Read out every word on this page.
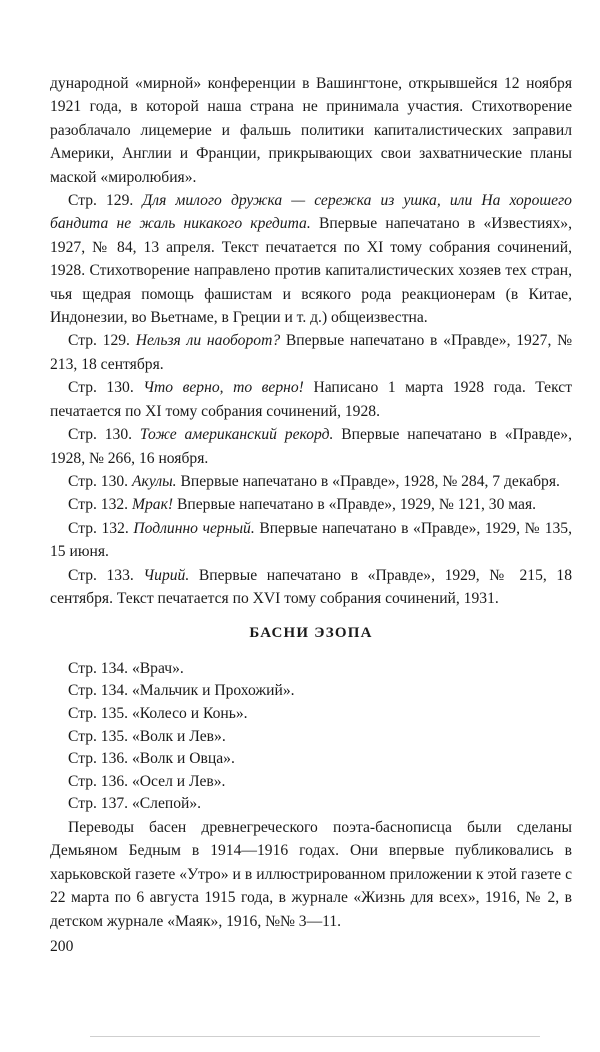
дународной «мирной» конференции в Вашингтоне, открывшейся 12 ноября 1921 года, в которой наша страна не принимала участия. Стихотворение разоблачало лицемерие и фальшь политики капиталистических заправил Америки, Англии и Франции, прикрывающих свои захватнические планы маской «миролюбия».

Стр. 129. Для милого дружка — сережка из ушка, или На хорошего бандита не жаль никакого кредита. Впервые напечатано в «Известиях», 1927, № 84, 13 апреля. Текст печатается по XI тому собрания сочинений, 1928. Стихотворение направлено против капиталистических хозяев тех стран, чья щедрая помощь фашистам и всякого рода реакционерам (в Китае, Индонезии, во Вьетнаме, в Греции и т. д.) общеизвестна.

Стр. 129. Нельзя ли наоборот? Впервые напечатано в «Правде», 1927, № 213, 18 сентября.

Стр. 130. Что верно, то верно! Написано 1 марта 1928 года. Текст печатается по XI тому собрания сочинений, 1928.

Стр. 130. Тоже американский рекорд. Впервые напечатано в «Правде», 1928, № 266, 16 ноября.

Стр. 130. Акулы. Впервые напечатано в «Правде», 1928, № 284, 7 декабря.

Стр. 132. Мрак! Впервые напечатано в «Правде», 1929, № 121, 30 мая.

Стр. 132. Подлинно черный. Впервые напечатано в «Правде», 1929, № 135, 15 июня.

Стр. 133. Чирий. Впервые напечатано в «Правде», 1929, № 215, 18 сентября. Текст печатается по XVI тому собрания сочинений, 1931.

БАСНИ ЭЗОПА

Стр. 134. «Врач».

Стр. 134. «Мальчик и Прохожий».

Стр. 135. «Колесо и Конь».

Стр. 135. «Волк и Лев».

Стр. 136. «Волк и Овца».

Стр. 136. «Осел и Лев».

Стр. 137. «Слепой».

Переводы басен древнегреческого поэта-баснописца были сделаны Демьяном Бедным в 1914—1916 годах. Они впервые публиковались в харьковской газете «Утро» и в иллюстрированном приложении к этой газете с 22 марта по 6 августа 1915 года, в журнале «Жизнь для всех», 1916, № 2, в детском журнале «Маяк», 1916, №№ 3—11.

200
